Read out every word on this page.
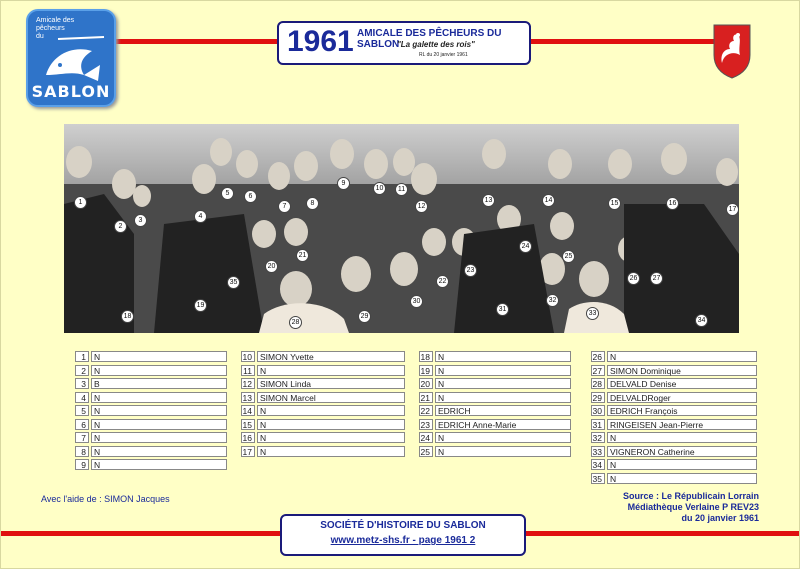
Amicale des
pêcheurs
du
SABLON
1961 AMICALE DES PÊCHEURS DU SABLON
"La galette des rois"
RL du 20 janvier 1961
1
2
3
4
5	6
7	8
9
10	11
12
13	14	15	16
17
18
19
20
21
22
23
24
25
26	27
28
29
30
31
32
33
34
35
1 N
2 N
3 B
4 N
5 N
6 N
7 N
8 N
9 N
10 SIMON Yvette
11 N
12 SIMON Linda
13 SIMON Marcel
14 N
15 N
16 N
17 N
18 N
19 N
20 N
21 N
22 EDRICH
23 EDRICH Anne-Marie
24 N
25 N
26 N
27 SIMON Dominique
28 DELVALD Denise
29 DELVALDRoger
30 EDRICH François
31 RINGEISEN Jean-Pierre
32 N
33 VIGNERON Catherine
34 N
35 N
Avec l'aide de : SIMON Jacques	Source : Le Républicain Lorrain
Médiathèque Verlaine P REV23
du 20 janvier 1961
SOCIÉTÉ D'HISTOIRE DU SABLON
www.metz-shs.fr - page 1961 2
